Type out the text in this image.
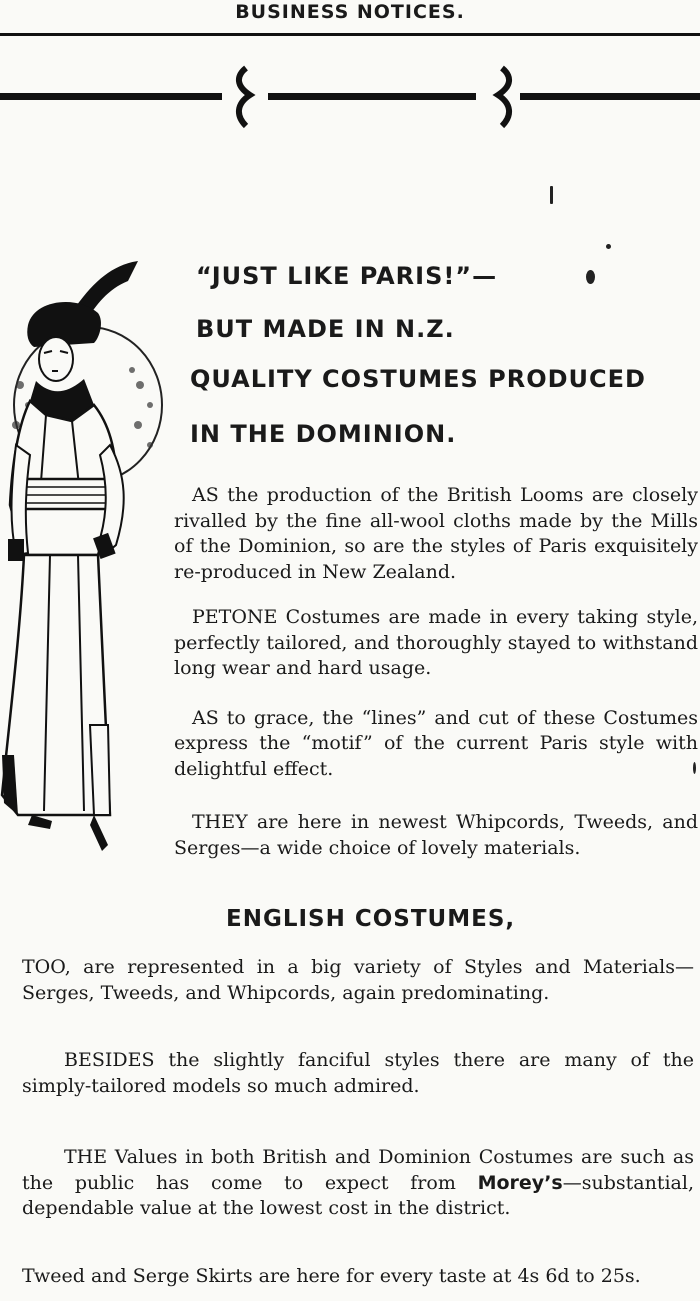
BUSINESS NOTICES.
“JUST LIKE PARIS!”—
BUT MADE IN N.Z.
QUALITY COSTUMES PRODUCED
IN THE DOMINION.

AS the production of the British Looms are closely rivalled by the fine all-wool cloths made by the Mills of the Dominion, so are the styles of Paris exquisitely re-produced in New Zealand.

PETONE Costumes are made in every taking style, perfectly tailored, and thoroughly stayed to withstand long wear and hard usage.

AS to grace, the “lines” and cut of these Costumes express the “motif” of the current Paris style with delightful effect.

THEY are here in newest Whipcords, Tweeds, and Serges—a wide choice of lovely materials.

ENGLISH COSTUMES,

TOO, are represented in a big variety of Styles and Materials—Serges, Tweeds, and Whipcords, again predominating.

BESIDES the slightly fanciful styles there are many of the simply-tailored models so much admired.

THE Values in both British and Dominion Costumes are such as the public has come to expect from Morey’s—substantial, dependable value at the lowest cost in the district.

Tweed and Serge Skirts are here for every taste at 4s 6d to 25s.
